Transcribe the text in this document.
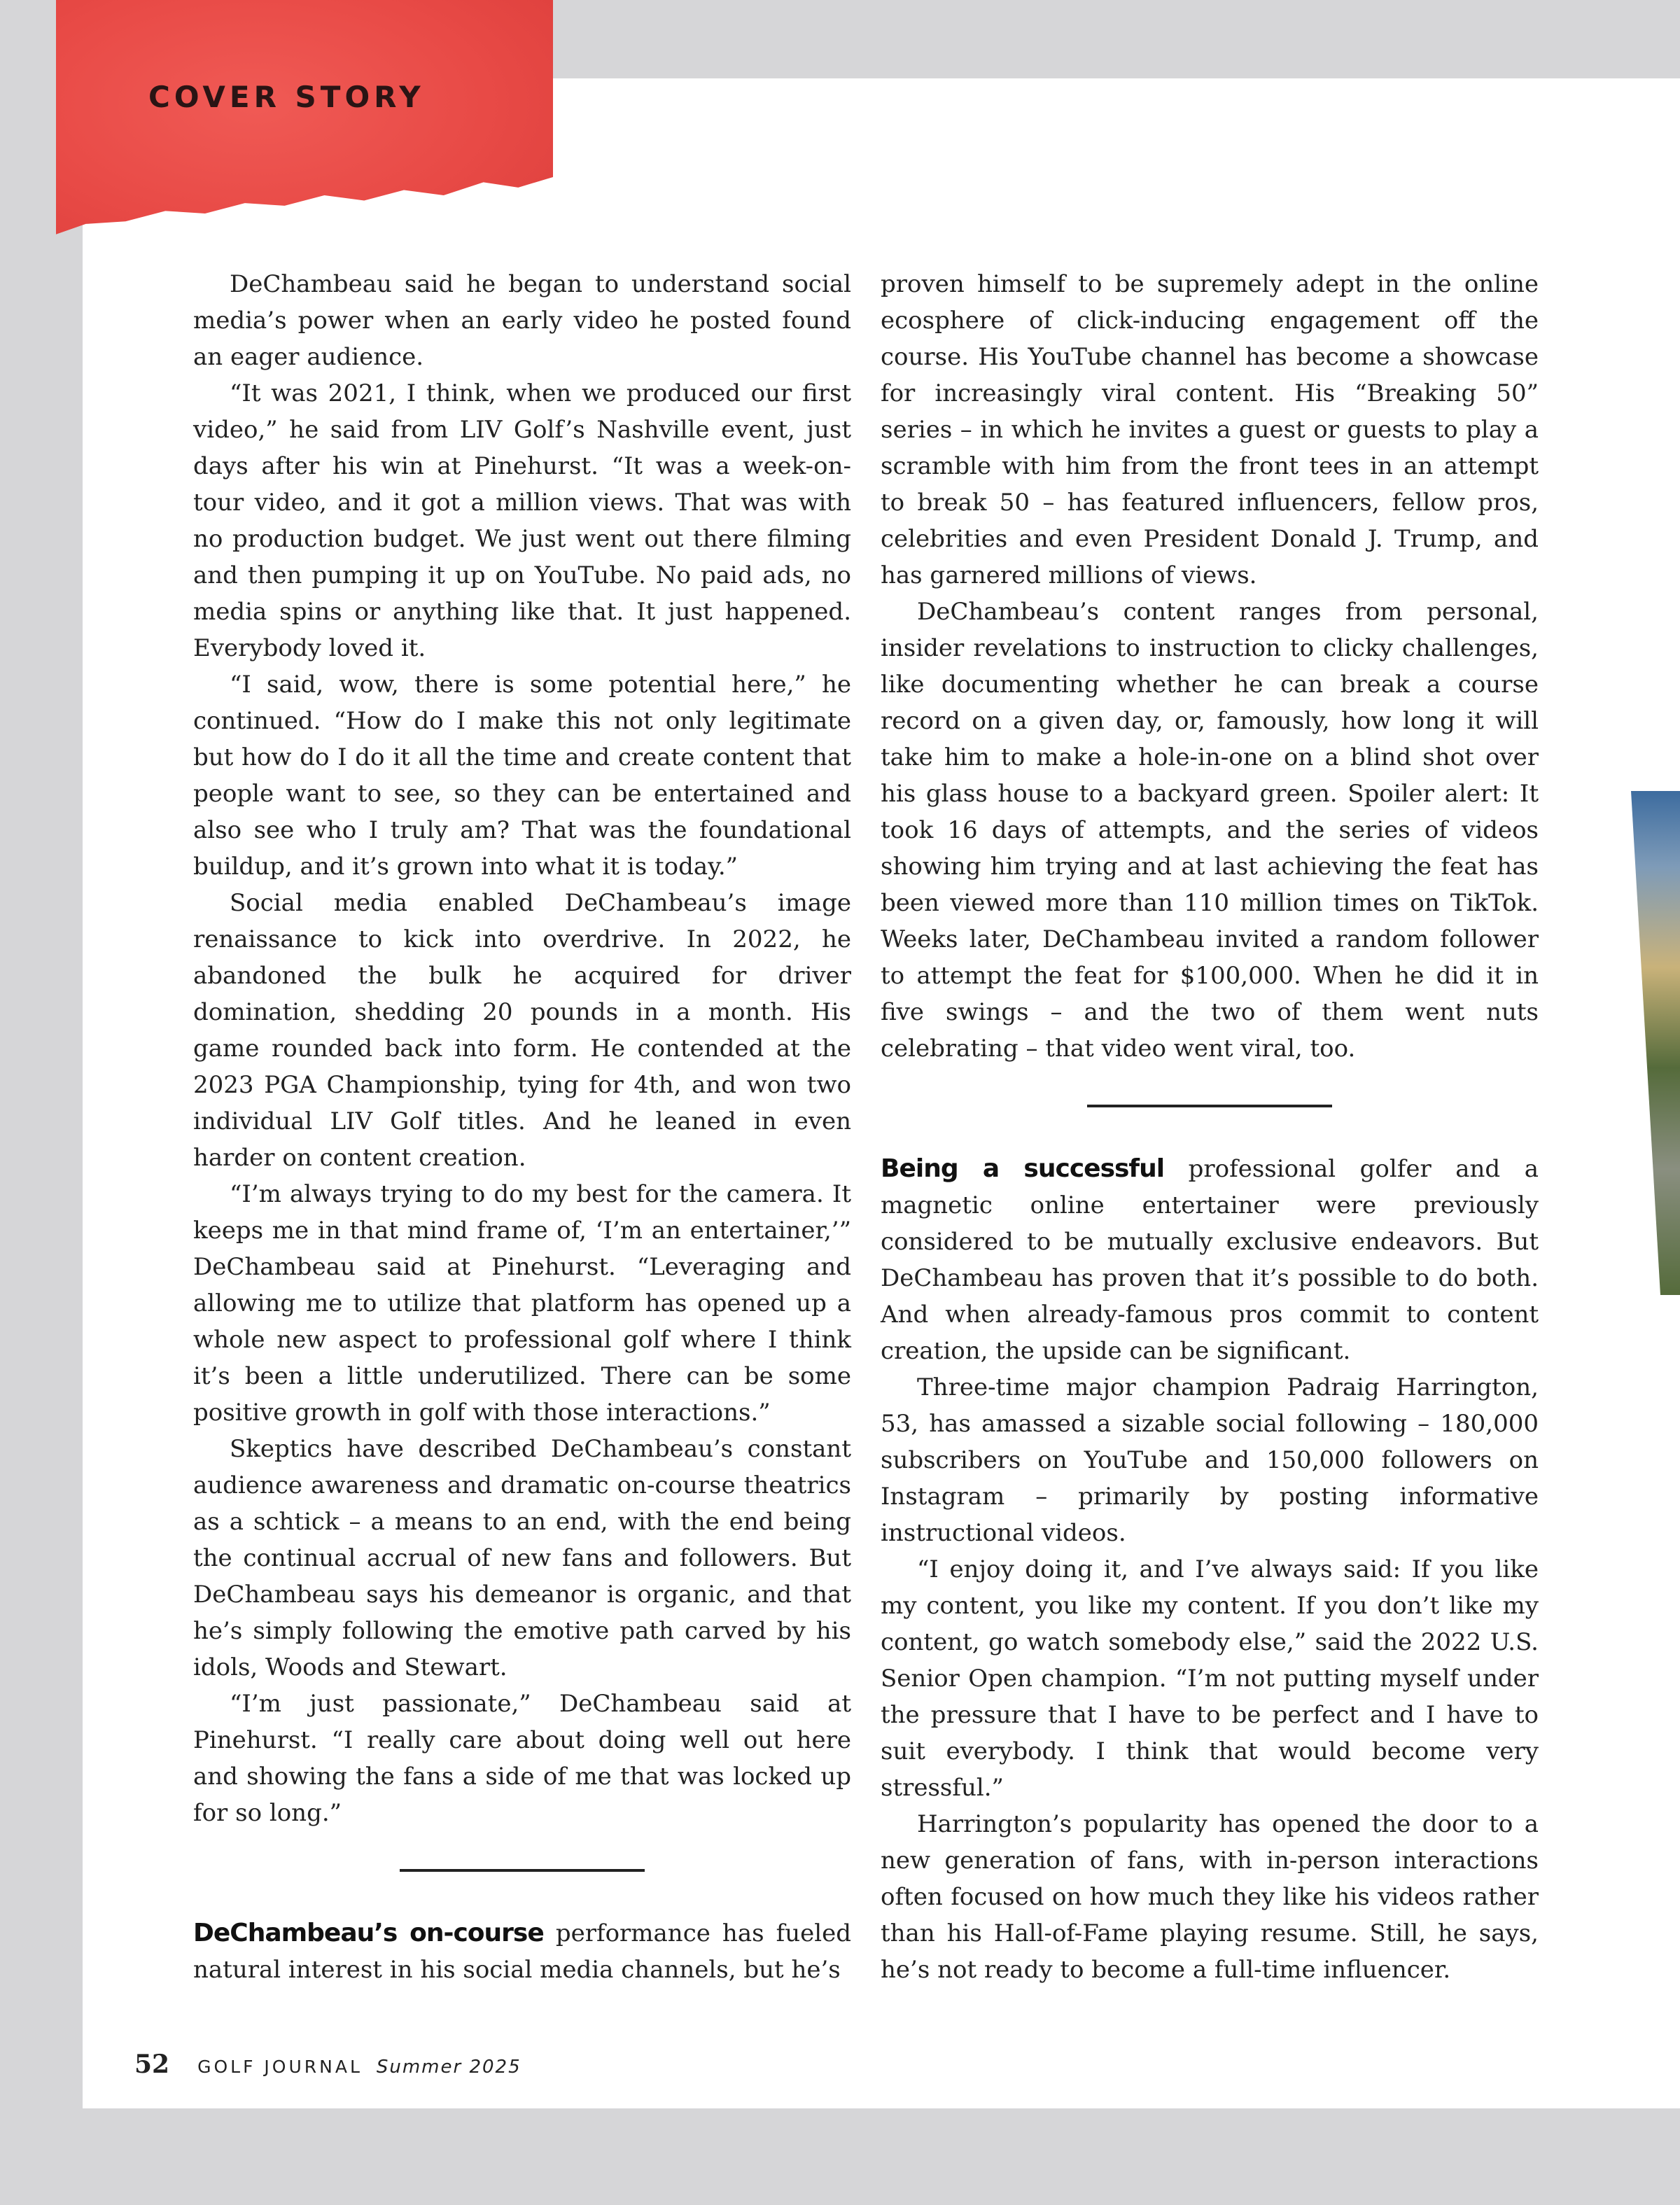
COVER STORY

DeChambeau said he began to understand social media’s power when an early video he posted found an eager audience.

“It was 2021, I think, when we produced our first video,” he said from LIV Golf’s Nashville event, just days after his win at Pinehurst. “It was a week-on-tour video, and it got a million views. That was with no production budget. We just went out there filming and then pumping it up on YouTube. No paid ads, no media spins or anything like that. It just happened. Everybody loved it.

“I said, wow, there is some potential here,” he continued. “How do I make this not only legitimate but how do I do it all the time and create content that people want to see, so they can be entertained and also see who I truly am? That was the foundational buildup, and it’s grown into what it is today.”

Social media enabled DeChambeau’s image renaissance to kick into overdrive. In 2022, he abandoned the bulk he acquired for driver domination, shedding 20 pounds in a month. His game rounded back into form. He contended at the 2023 PGA Championship, tying for 4th, and won two individual LIV Golf titles. And he leaned in even harder on content creation.

“I’m always trying to do my best for the camera. It keeps me in that mind frame of, ‘I’m an entertainer,’” DeChambeau said at Pinehurst. “Leveraging and allowing me to utilize that platform has opened up a whole new aspect to professional golf where I think it’s been a little underutilized. There can be some positive growth in golf with those interactions.”

Skeptics have described DeChambeau’s constant audience awareness and dramatic on-course theatrics as a schtick – a means to an end, with the end being the continual accrual of new fans and followers. But DeChambeau says his demeanor is organic, and that he’s simply following the emotive path carved by his idols, Woods and Stewart.

“I’m just passionate,” DeChambeau said at Pinehurst. “I really care about doing well out here and showing the fans a side of me that was locked up for so long.”

DeChambeau’s on-course performance has fueled natural interest in his social media channels, but he’s

proven himself to be supremely adept in the online ecosphere of click-inducing engagement off the course. His YouTube channel has become a showcase for increasingly viral content. His “Breaking 50” series – in which he invites a guest or guests to play a scramble with him from the front tees in an attempt to break 50 – has featured influencers, fellow pros, celebrities and even President Donald J. Trump, and has garnered millions of views.

DeChambeau’s content ranges from personal, insider revelations to instruction to clicky challenges, like documenting whether he can break a course record on a given day, or, famously, how long it will take him to make a hole-in-one on a blind shot over his glass house to a backyard green. Spoiler alert: It took 16 days of attempts, and the series of videos showing him trying and at last achieving the feat has been viewed more than 110 million times on TikTok. Weeks later, DeChambeau invited a random follower to attempt the feat for $100,000. When he did it in five swings – and the two of them went nuts celebrating – that video went viral, too.

Being a successful professional golfer and a magnetic online entertainer were previously considered to be mutually exclusive endeavors. But DeChambeau has proven that it’s possible to do both. And when already-famous pros commit to content creation, the upside can be significant.

Three-time major champion Padraig Harrington, 53, has amassed a sizable social following – 180,000 subscribers on YouTube and 150,000 followers on Instagram – primarily by posting informative instructional videos.

“I enjoy doing it, and I’ve always said: If you like my content, you like my content. If you don’t like my content, go watch somebody else,” said the 2022 U.S. Senior Open champion. “I’m not putting myself under the pressure that I have to be perfect and I have to suit everybody. I think that would become very stressful.”

Harrington’s popularity has opened the door to a new generation of fans, with in-person interactions often focused on how much they like his videos rather than his Hall-of-Fame playing resume. Still, he says, he’s not ready to become a full-time influencer.

52 GOLF JOURNAL Summer 2025
